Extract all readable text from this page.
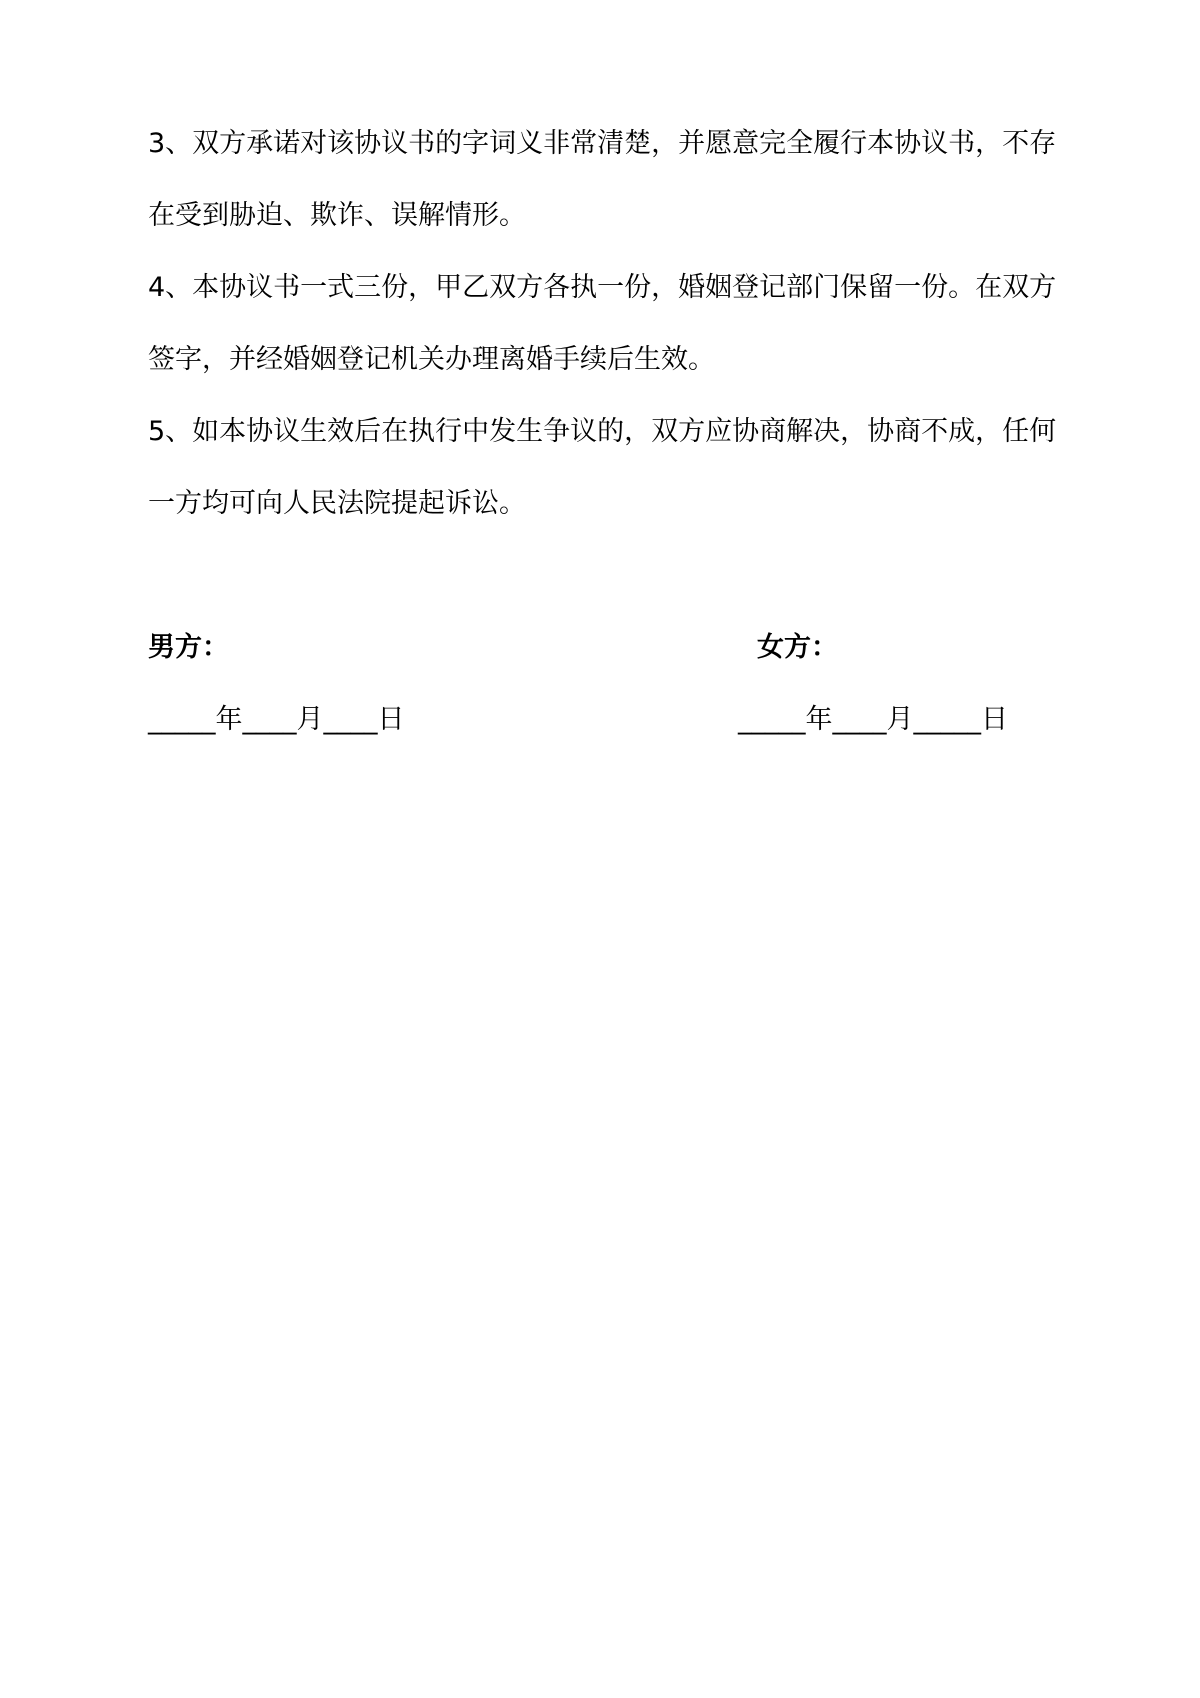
3、双方承诺对该协议书的字词义非常清楚，并愿意完全履行本协议书，不存在受到胁迫、欺诈、误解情形。

4、本协议书一式三份，甲乙双方各执一份，婚姻登记部门保留一份。在双方签字，并经婚姻登记机关办理离婚手续后生效。

5、如本协议生效后在执行中发生争议的，双方应协商解决，协商不成，任何一方均可向人民法院提起诉讼。

男方：	女方：

_____年____月____日	_____年____月_____日
